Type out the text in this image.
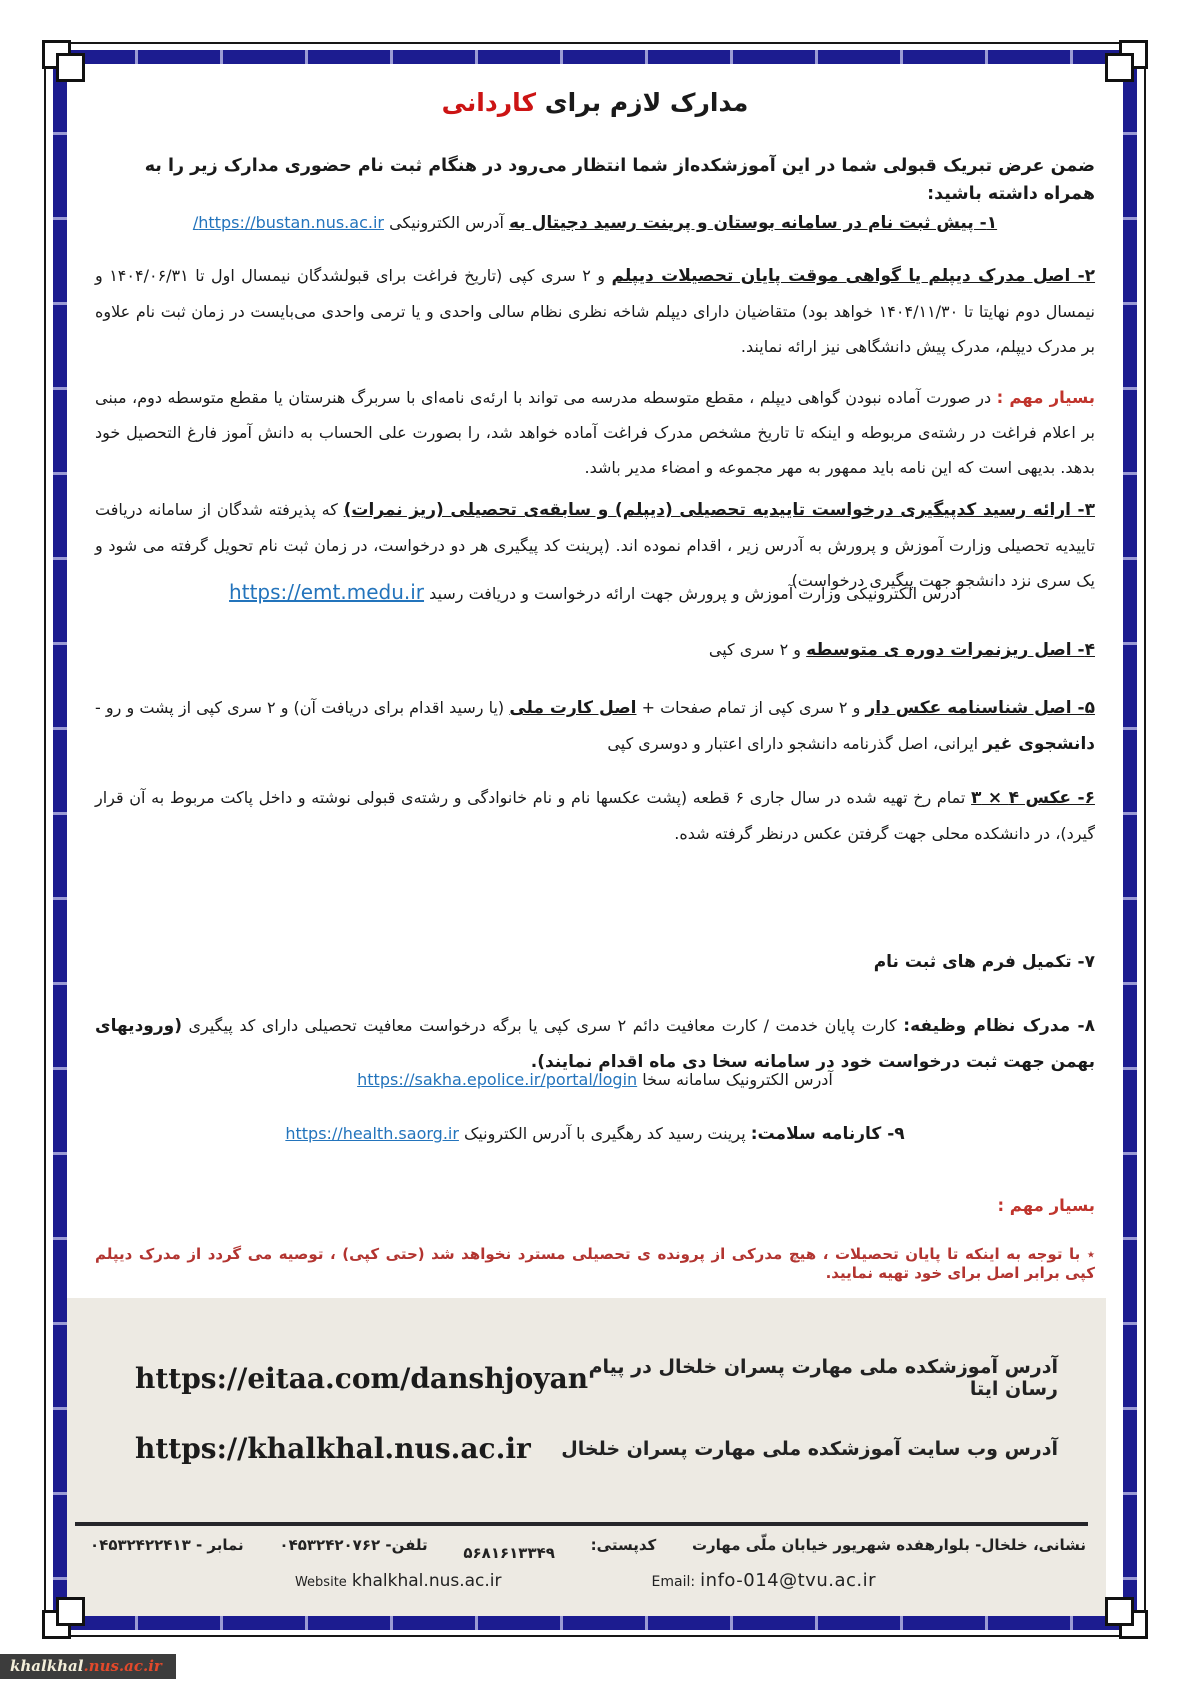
مدارک لازم برای کاردانی
ضمن عرض تبریک قبولی شما در این آموزشکده‌از شما انتظار می‌رود در هنگام ثبت نام حضوری مدارک زیر را به همراه داشته باشید:
۱- پیش ثبت نام در سامانه بوستان و پرینت رسید دجیتال به آدرس الکترونیکی https://bustan.nus.ac.ir/
۲- اصل مدرک دیپلم یا گواهی موقت پایان تحصیلات دیپلم و ۲ سری کپی (تاریخ فراغت برای قبولشدگان نیمسال اول تا ۱۴۰۴/۰۶/۳۱ و نیمسال دوم نهایتا تا ۱۴۰۴/۱۱/۳۰ خواهد بود) متقاضیان دارای دیپلم شاخه نظری نظام سالی واحدی و یا ترمی واحدی می‌بایست در زمان ثبت نام علاوه بر مدرک دیپلم، مدرک پیش دانشگاهی نیز ارائه نمایند.
بسیار مهم : در صورت آماده نبودن گواهی دیپلم ، مقطع متوسطه مدرسه می تواند با ارئه‌ی نامه‌ای با سربرگ هنرستان یا مقطع متوسطه دوم، مبنی بر اعلام فراغت در رشته‌ی مربوطه و اینکه تا تاریخ مشخص مدرک فراغت آماده خواهد شد، را بصورت علی الحساب به دانش آموز فارغ التحصیل خود بدهد. بدیهی است که این نامه باید ممهور به مهر مجموعه و امضاء مدیر باشد.
۳- ارائه رسید کدپیگیری درخواست تاییدیه تحصیلی (دیپلم) و سابقه‌ی تحصیلی (ریز نمرات) که پذیرفته شدگان از سامانه دریافت تاییدیه تحصیلی وزارت آموزش و پرورش به آدرس زیر ، اقدام نموده اند. (پرینت کد پیگیری هر دو درخواست، در زمان ثبت نام تحویل گرفته می شود و یک سری نزد دانشجو جهت پیگیری درخواست)
آدرس الکترونیکی وزارت آموزش و پرورش جهت ارائه درخواست و دریافت رسید https://emt.medu.ir
۴- اصل ریزنمرات دوره ی متوسطه و ۲ سری کپی
۵- اصل شناسنامه عکس دار و ۲ سری کپی از تمام صفحات + اصل کارت ملی (یا رسید اقدام برای دریافت آن) و ۲ سری کپی از پشت و رو - دانشجوی غیر ایرانی، اصل گذرنامه دانشجو دارای اعتبار و دوسری کپی
۶- عکس ۴ × ۳ تمام رخ تهیه شده در سال جاری ۶ قطعه (پشت عکسها نام و نام خانوادگی و رشته‌ی قبولی نوشته و داخل پاکت مربوط به آن قرار گیرد)، در دانشکده محلی جهت گرفتن عکس درنظر گرفته شده.
۷- تکمیل فرم های ثبت نام
۸- مدرک نظام وظیفه: کارت پایان خدمت / کارت معافیت دائم ۲ سری کپی یا برگه درخواست معافیت تحصیلی دارای کد پیگیری (ورودیهای بهمن جهت ثبت درخواست خود در سامانه سخا دی ماه اقدام نمایند).
آدرس الکترونیک سامانه سخا https://sakha.epolice.ir/portal/login
۹- کارنامه سلامت: پرینت رسید کد رهگیری با آدرس الکترونیک https://health.saorg.ir
بسیار مهم :
٭ با توجه به اینکه تا پایان تحصیلات ، هیچ مدرکی از پرونده ی تحصیلی مسترد نخواهد شد (حتی کپی) ، توصیه می گردد از مدرک دیپلم کپی برابر اصل برای خود تهیه نمایید.
آدرس آموزشکده ملی مهارت پسران خلخال در پیام رسان ایتا
https://eitaa.com/danshjoyan
آدرس وب سایت آموزشکده ملی مهارت پسران خلخال
https://khalkhal.nus.ac.ir
نشانی، خلخال- بلوارهفده شهریور خیابان ملّی مهارت
کدپستی:
۵۶۸۱۶۱۳۳۴۹
تلفن- ۰۴۵۳۲۴۲۰۷۶۲
نمابر - ۰۴۵۳۲۴۲۲۴۱۳
Website khalkhal.nus.ac.ir	Email: info-014@tvu.ac.ir
khalkhal.nus.ac.ir
